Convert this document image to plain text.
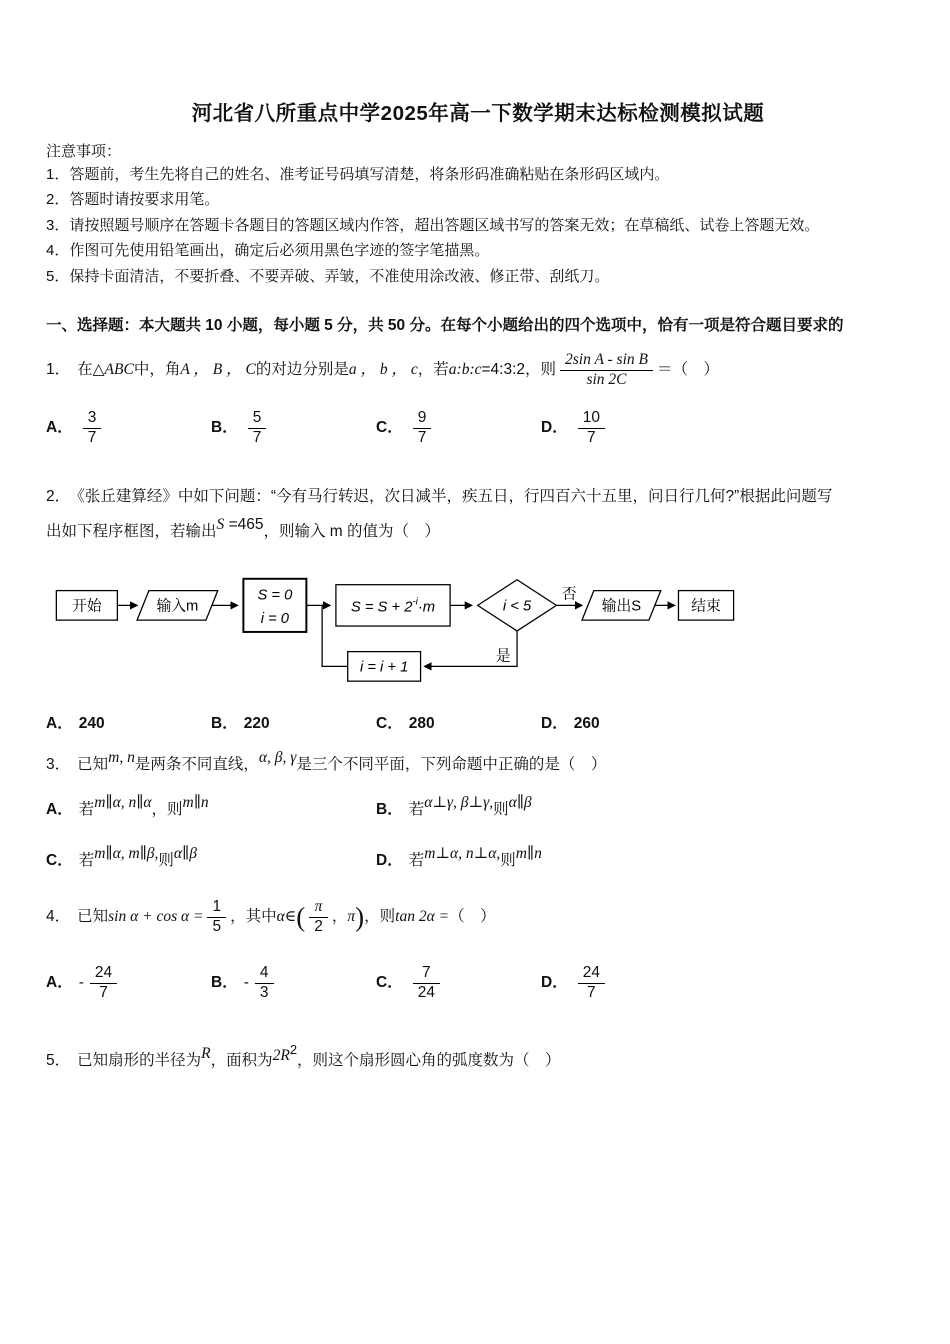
河北省八所重点中学2025年高一下数学期末达标检测模拟试题
注意事项：
1．答题前，考生先将自己的姓名、准考证号码填写清楚，将条形码准确粘贴在条形码区域内。
2．答题时请按要求用笔。
3．请按照题号顺序在答题卡各题目的答题区域内作答，超出答题区域书写的答案无效；在草稿纸、试卷上答题无效。
4．作图可先使用铅笔画出，确定后必须用黑色字迹的签字笔描黑。
5．保持卡面清洁，不要折叠、不要弄破、弄皱，不准使用涂改液、修正带、刮纸刀。
一、选择题：本大题共 10 小题，每小题 5 分，共 50 分。在每个小题给出的四个选项中，恰有一项是符合题目要求的
1． 在 △ABC 中，角 A ， B ， C 的对边分别是 a ， b ， c ，若 a:b:c =4:3:2，则 $\frac{\text{2sin A - sin B}}{\sin 2C}$ ＝（　）
A． $\frac{3}{7}$	B． $\frac{5}{7}$	C． $\frac{9}{7}$	D． $\frac{10}{7}$
2． 《张丘建算经》中如下问题：“今有马行转迟，次日减半，疾五日，行四百六十五里，问日行几何?”根据此问题写
出如下程序框图，若输出 S =465 ，则输入 m 的值为（　）
开始	输入m
S = 0
i = 0
$S = S + 2^{-i}\cdot m$	i < 5
否
输出S	结束
i = i + 1
是
A． 240	B． 220	C． 280	D． 260
3． 已知 m, n 是两条不同直线， α, β, γ 是三个不同平面，下列命题中正确的是（　）
A． 若 m∥α, n∥α ，则 m∥n	B． 若 α⊥γ, β⊥γ, 则 α∥β
C． 若 m∥α, m∥β, 则 α∥β	D． 若 m⊥α, n⊥α, 则 m∥n
4． 已知 $\sin \alpha + \cos \alpha = \frac{1}{5}$ ，其中 α∈ ( $\frac{\pi}{2}$ ， π ) ，则 tan 2α = （　）
A． - $\frac{24}{7}$	B． - $\frac{4}{3}$	C． $\frac{7}{24}$	D． $\frac{24}{7}$
5． 已知扇形的半径为 R ，面积为 $2R^2$
，则这个扇形圆心角的弧度数为（　）
